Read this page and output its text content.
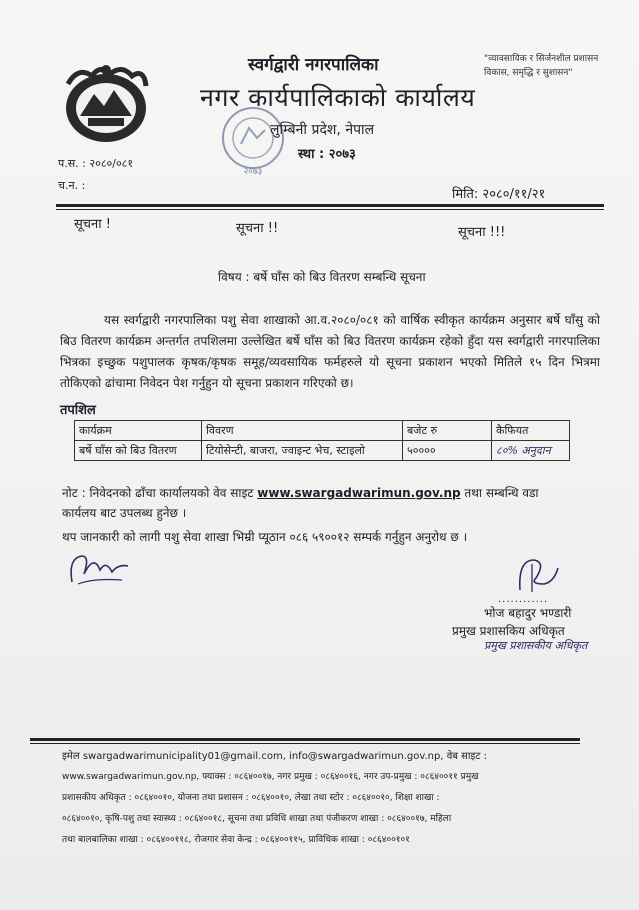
"व्यावसायिक र सिर्जनशील प्रशासन
विकास, समृद्धि र सुशासन"
स्वर्गद्वारी नगरपालिका
नगर कार्यपालिकाको कार्यालय
२०७३
लुम्बिनी प्रदेश, नेपाल
स्था : २०७३
प.स. : २०८०/०८१
च.न. :
मिति: २०८०/११/२१
सूचना !	सूचना !!	सूचना !!!
विषय : बर्षे घाँस को बिउ वितरण सम्बन्धि सूचना
यस स्वर्गद्वारी नगरपालिका पशु सेवा शाखाको आ.व.२०८०/०८१ को वार्षिक स्वीकृत कार्यक्रम अनुसार बर्षे घाँसु को बिउ वितरण कार्यक्रम अन्तर्गत तपशिलमा उल्लेखित बर्षे घाँस को बिउ वितरण कार्यक्रम रहेको हुँदा यस स्वर्गद्वारी नगरपालिका भित्रका इच्छुक पशुपालक कृषक/कृषक समूह/व्यवसायिक फर्महरुले यो सूचना प्रकाशन भएको मितिले १५ दिन भित्रमा तोकिएको ढांचामा निवेदन पेश गर्नुहुन यो सूचना प्रकाशन गरिएको छ।
तपशिल
कार्यक्रम	विवरण	बजेट रु	कैफियत
बर्षे घाँस को बिउ वितरण	टियोसेन्टी, बाजरा, ज्वाइन्ट भेच, स्टाइलो	५००००	८०% अनुदान
नोट : निवेदनको ढाँचा कार्यालयको वेव साइट www.swargadwarimun.gov.np तथा सम्बन्धि वडा
कार्यलय बाट उपलब्ध हुनेछ ।
थप जानकारी को लागी पशु सेवा शाखा भिम्री प्यूठान ०८६ ५९००१२ सम्पर्क गर्नुहुन अनुरोध छ ।
............
भोज बहादुर भण्डारी
प्रमुख प्रशासकिय अधिकृत
प्रमुख प्रशासकीय अधिकृत
इमेल swargadwarimunicipality01@gmail.com, info@swargadwarimun.gov.np, वेब साइट :
www.swargadwarimun.gov.np, फ्याक्स : ०८६४००१७, नगर प्रमुख : ०८६४००१६, नगर उप-प्रमुख : ०८६४००११ प्रमुख
प्रशासकीय अधिकृत : ०८६४००१०, योजना तथा प्रशासन : ०८६४००१०, लेखा तथा स्टोर : ०८६४००१०, शिक्षा शाखा :
०८६४००१०, कृषि-पशु तथा स्वास्थ्य : ०८६४००१८, सूचना तथा प्रविधि शाखा तथा पंजीकरण शाखा : ०८६४००१७, महिला
तथा बालबालिका शाखा : ०८६४००११८, रोजगार सेवा केन्द्र : ०८६४००११५, प्राविधिक शाखा : ०८६४००१०१
